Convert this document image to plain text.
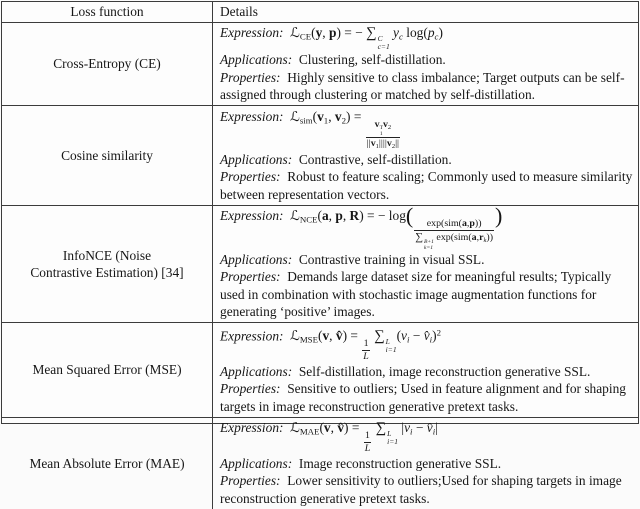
Loss function	Details
Cross-Entropy (CE)
Expression: ℒ$_{CE}$(y, p) = − ∑ C
c=1
yc log(pc)
Applications: Clustering, self-distillation.
Properties: Highly sensitive to class imbalance; Target outputs can be self-assigned through clustering or matched by self-distillation.
Cosine similarity
Expression: $ℒ_{sim}(v_1$, $v_2$) =
v T
1
$v_2$
$||v_1||||v_2||$
Applications: Contrastive, self-distillation.
Properties: Robust to feature scaling; Commonly used to measure similarity between representation vectors.
InfoNCE (Noise
Contrastive Estimation) [34]
Expression: ℒ$_{NCE}$(a, p, R) = − log(
exp(sim(a,p))
∑ B+1
k=1
exp(sim(a,rk))
)
Applications: Contrastive training in visual SSL.
Properties: Demands large dataset size for meaningful results; Typically used in combination with stochastic image augmentation functions for generating ‘positive’ images.
Mean Squared Error (MSE)
Expression: ℒ$_{MSE}$(v, v̂) =
$\frac{1}{L}$
∑ L
i=1
(vi − v̂i)$^2$
Applications: Self-distillation, image reconstruction generative SSL.
Properties: Sensitive to outliers; Used in feature alignment and for shaping targets in image reconstruction generative pretext tasks.
Mean Absolute Error (MAE)
Expression: ℒ$_{MAE}$(v, v̂) =
$\frac{1}{L}$
∑ L
i=1
|vi − v̂i|
Applications: Image reconstruction generative SSL.
Properties: Lower sensitivity to outliers;Used for shaping targets in image reconstruction generative pretext tasks.
